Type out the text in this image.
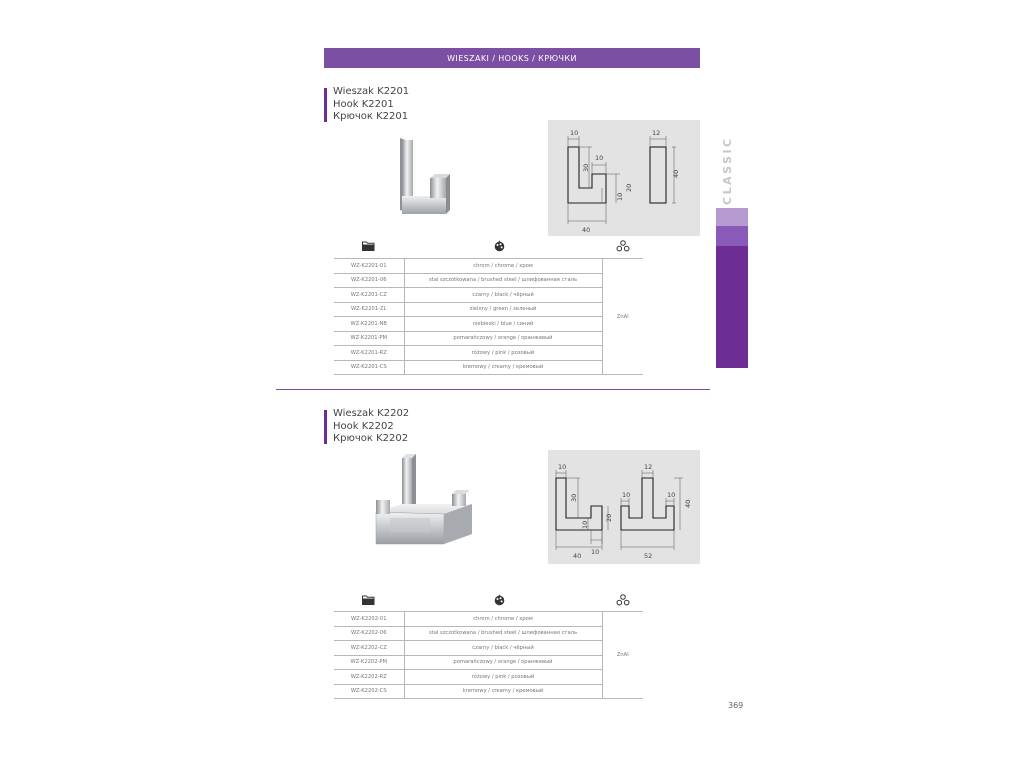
WIESZAKI / HOOKS / КРЮЧКИ
CLASSIC
Wieszak K2201
Hook K2201
Крючок K2201
10
30
10
20
10
40
12
40
WZ-K2201-01	chrom / chrome / хром	ZnAl
WZ-K2201-06	stal szczotkowana / brushed steel / шлифованная сталь	
WZ-K2201-CZ	czarny / black / чёрный	
WZ-K2201-ZL	zielony / green / зеленый	
WZ-K2201-NB	niebieski / blue / синий	
WZ-K2201-PM	pomarańczowy / orange / оранжевый	
WZ-K2201-RZ	różowy / pink / розовый	
WZ-K2201-CS	kremowy / creamy / кремовый	
Wieszak K2202
Hook K2202
Крючок K2202
10
30
10
20
10
40
12
10	10
40
52
WZ-K2202-01	chrom / chrome / хром	ZnAl
WZ-K2202-06	stal szczotkowana / brushed steel / шлифованная сталь	
WZ-K2202-CZ	czarny / black / чёрный	
WZ-K2202-PM	pomarańczowy / orange / оранжевый	
WZ-K2202-RZ	różowy / pink / розовый	
WZ-K2202-CS	kremowy / creamy / кремовый	
369
